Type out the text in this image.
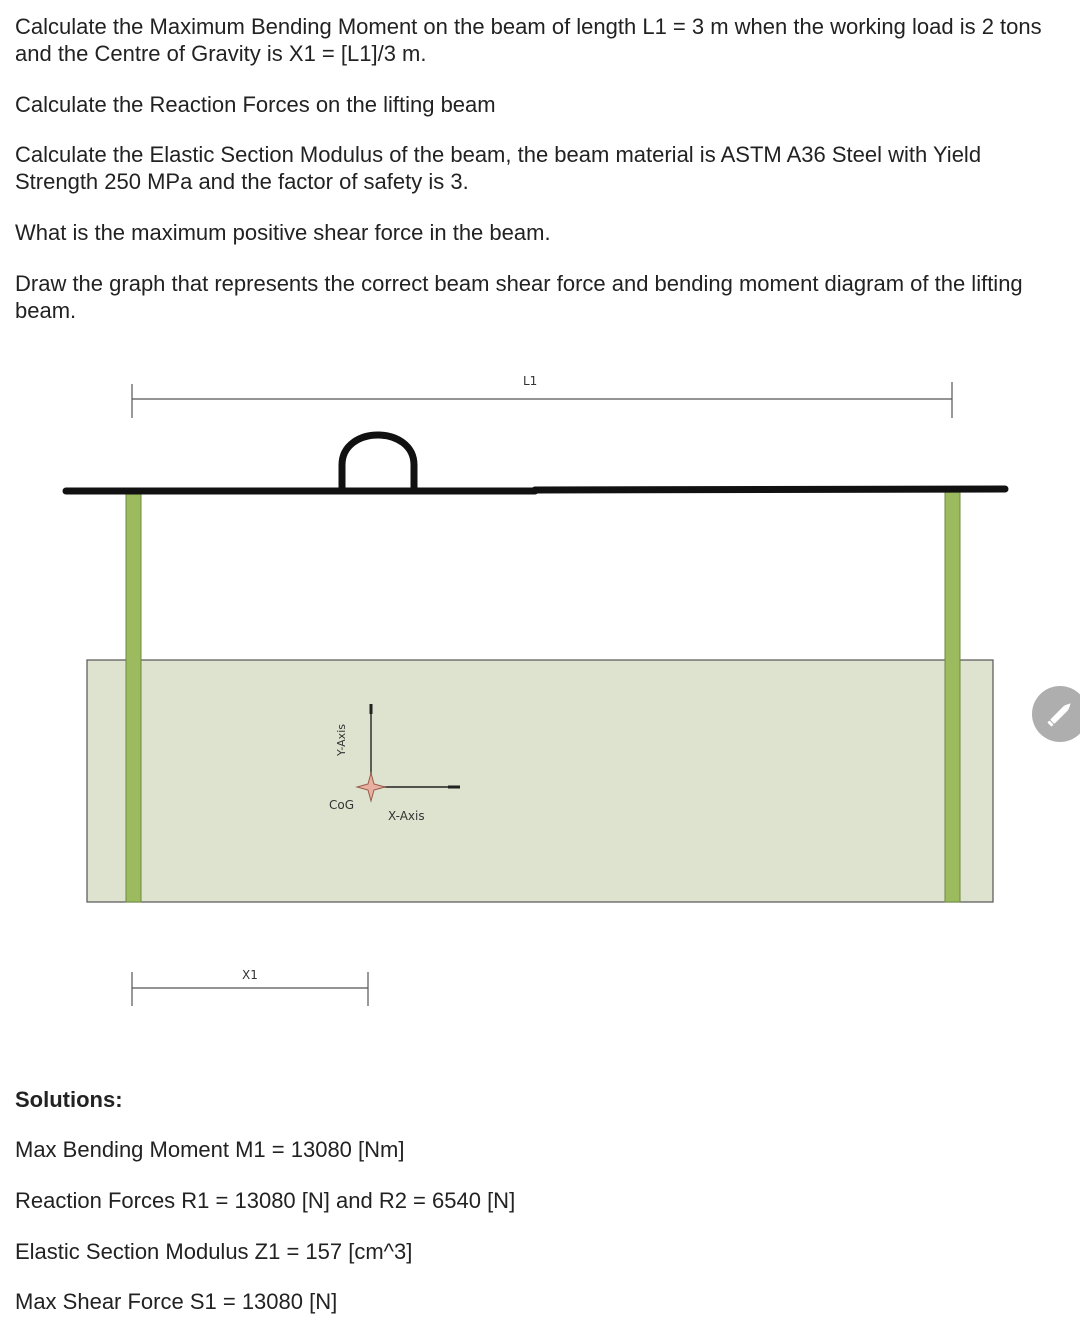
Calculate the Maximum Bending Moment on the beam of length L1 = 3 m when the working load is 2 tons and the Centre of Gravity is X1 = [L1]/3 m.

Calculate the Reaction Forces on the lifting beam

Calculate the Elastic Section Modulus of the beam, the beam material is ASTM A36 Steel with Yield Strength 250 MPa and the factor of safety is 3.

What is the maximum positive shear force in the beam.

Draw the graph that represents the correct beam shear force and bending moment diagram of the lifting beam.

L1
Y-Axis
X-Axis
CoG
X1

Solutions:

Max Bending Moment M1 = 13080 [Nm]

Reaction Forces R1 = 13080 [N] and R2 = 6540 [N]

Elastic Section Modulus Z1 = 157 [cm^3]

Max Shear Force S1 = 13080 [N]
